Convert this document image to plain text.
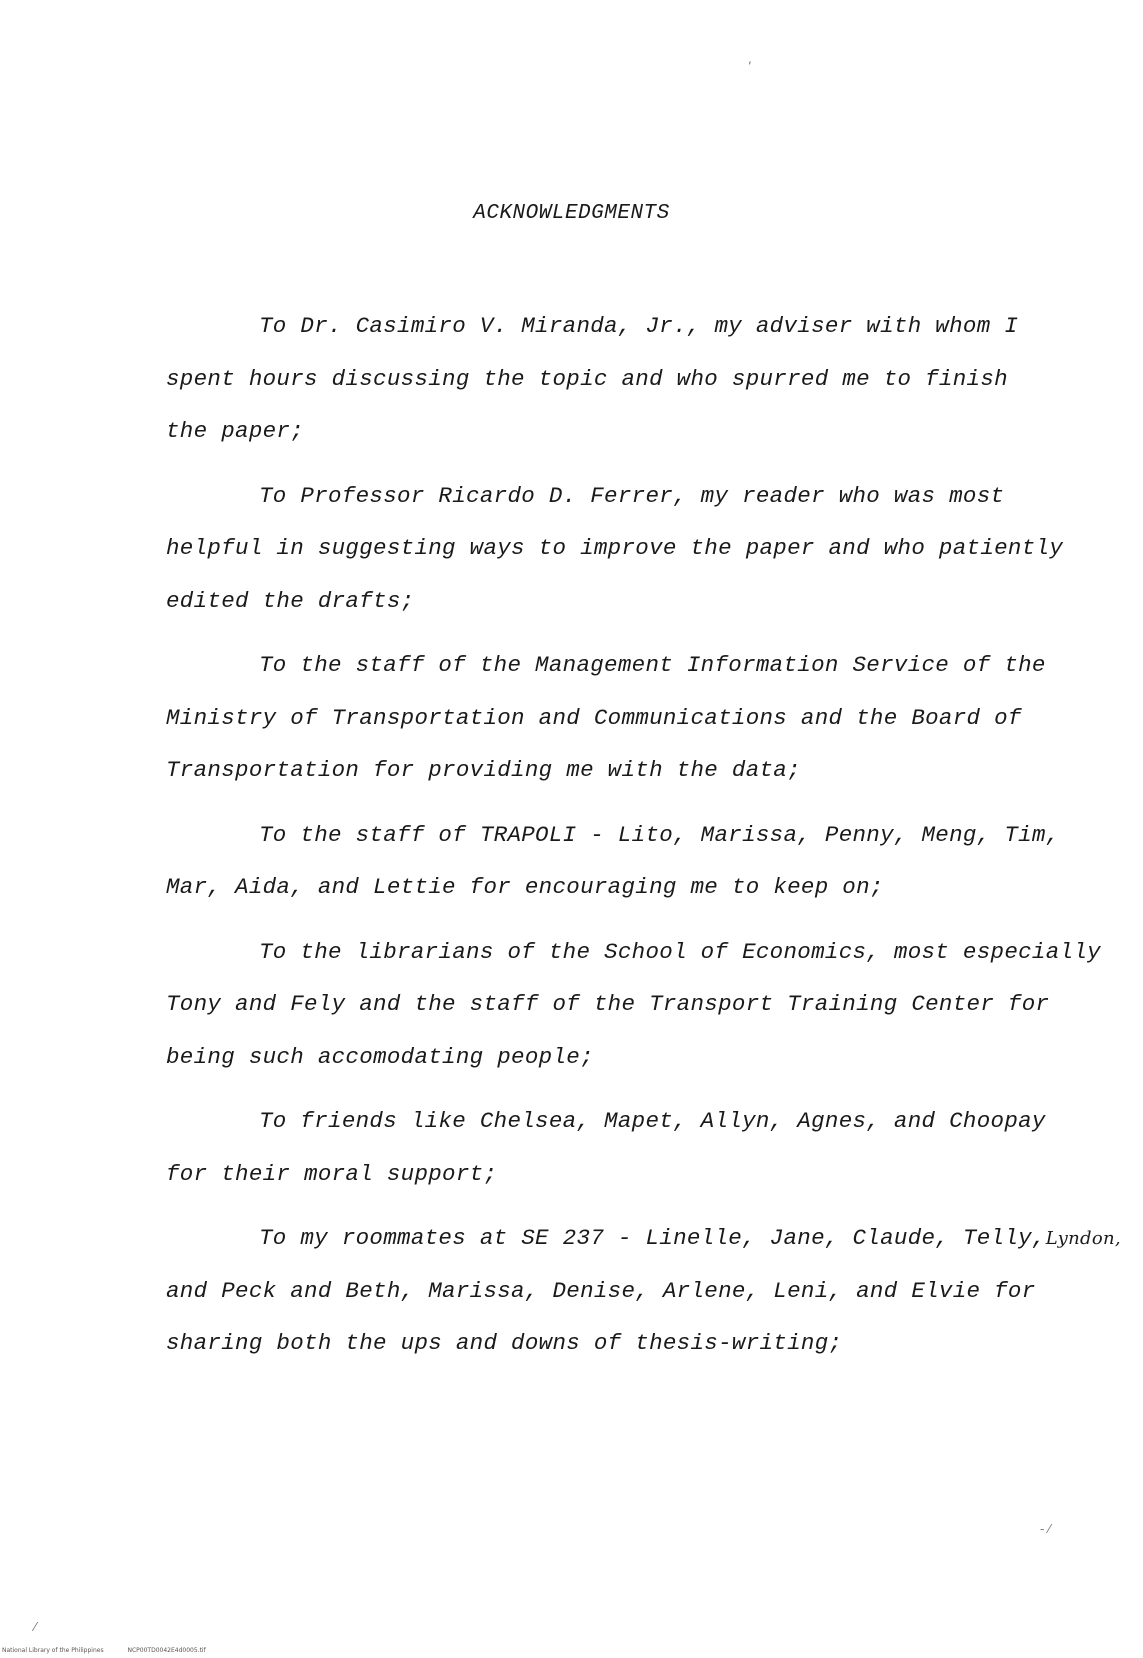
ACKNOWLEDGMENTS
To Dr. Casimiro V. Miranda, Jr., my adviser with whom I
spent hours discussing the topic and who spurred me to finish
the paper;
To Professor Ricardo D. Ferrer, my reader who was most
helpful in suggesting ways to improve the paper and who patiently
edited the drafts;
To the staff of the Management Information Service of the
Ministry of Transportation and Communications and the Board of
Transportation for providing me with the data;
To the staff of TRAPOLI - Lito, Marissa, Penny, Meng, Tim,
Mar, Aida, and Lettie for encouraging me to keep on;
To the librarians of the School of Economics, most especially
Tony and Fely and the staff of the Transport Training Center for
being such accomodating people;
To friends like Chelsea, Mapet, Allyn, Agnes, and Choopay
for their moral support;
To my roommates at SE 237 - Linelle, Jane, Claude, Telly,Lyndon,
and Peck and Beth, Marissa, Denise, Arlene, Leni, and Elvie for
sharing both the ups and downs of thesis-writing;
,
- ⁄
⁄
National Library of the Philippines	NCP00TD0042E4d0005.tif
